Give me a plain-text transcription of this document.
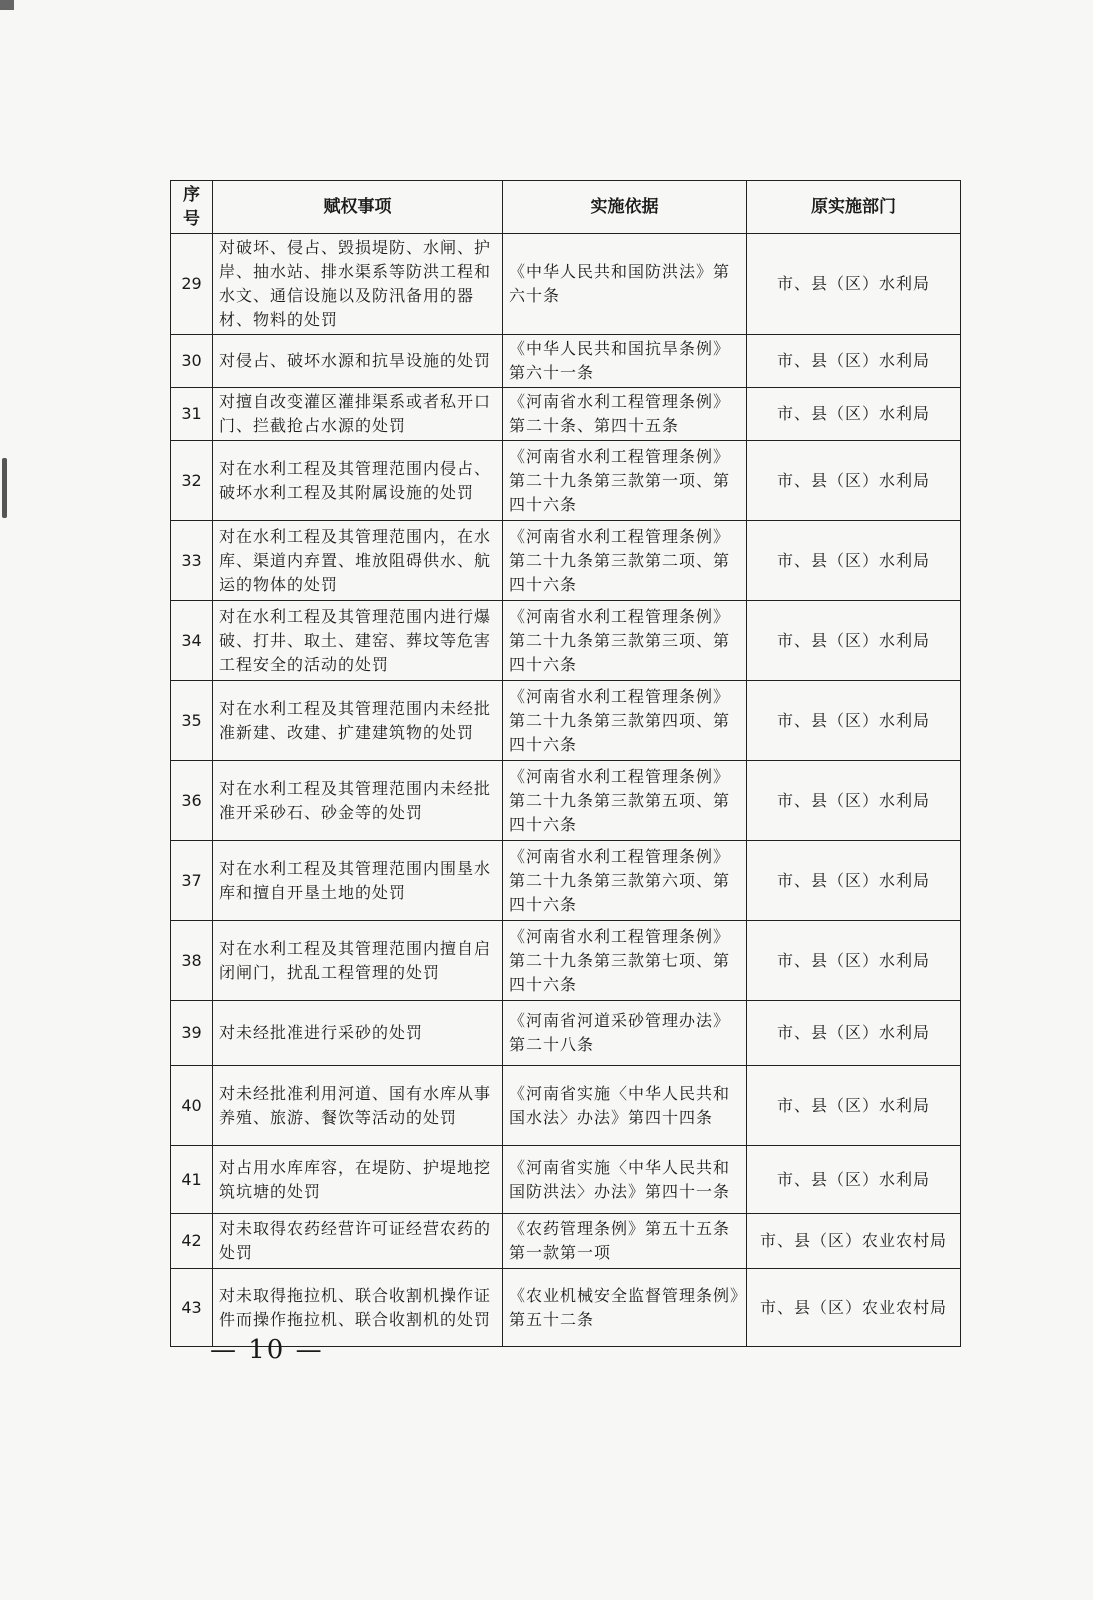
序号	赋权事项	实施依据	原实施部门
29	对破坏、侵占、毁损堤防、水闸、护岸、抽水站、排水渠系等防洪工程和水文、通信设施以及防汛备用的器材、物料的处罚	《中华人民共和国防洪法》第六十条	市、县（区）水利局
30	对侵占、破坏水源和抗旱设施的处罚	《中华人民共和国抗旱条例》第六十一条	市、县（区）水利局
31	对擅自改变灌区灌排渠系或者私开口门、拦截抢占水源的处罚	《河南省水利工程管理条例》第二十条、第四十五条	市、县（区）水利局
32	对在水利工程及其管理范围内侵占、破坏水利工程及其附属设施的处罚	《河南省水利工程管理条例》第二十九条第三款第一项、第四十六条	市、县（区）水利局
33	对在水利工程及其管理范围内，在水库、渠道内弃置、堆放阻碍供水、航运的物体的处罚	《河南省水利工程管理条例》第二十九条第三款第二项、第四十六条	市、县（区）水利局
34	对在水利工程及其管理范围内进行爆破、打井、取土、建窑、葬坟等危害工程安全的活动的处罚	《河南省水利工程管理条例》第二十九条第三款第三项、第四十六条	市、县（区）水利局
35	对在水利工程及其管理范围内未经批准新建、改建、扩建建筑物的处罚	《河南省水利工程管理条例》第二十九条第三款第四项、第四十六条	市、县（区）水利局
36	对在水利工程及其管理范围内未经批准开采砂石、砂金等的处罚	《河南省水利工程管理条例》第二十九条第三款第五项、第四十六条	市、县（区）水利局
37	对在水利工程及其管理范围内围垦水库和擅自开垦土地的处罚	《河南省水利工程管理条例》第二十九条第三款第六项、第四十六条	市、县（区）水利局
38	对在水利工程及其管理范围内擅自启闭闸门，扰乱工程管理的处罚	《河南省水利工程管理条例》第二十九条第三款第七项、第四十六条	市、县（区）水利局
39	对未经批准进行采砂的处罚	《河南省河道采砂管理办法》第二十八条	市、县（区）水利局
40	对未经批准利用河道、国有水库从事养殖、旅游、餐饮等活动的处罚	《河南省实施〈中华人民共和国水法〉办法》第四十四条	市、县（区）水利局
41	对占用水库库容，在堤防、护堤地挖筑坑塘的处罚	《河南省实施〈中华人民共和国防洪法〉办法》第四十一条	市、县（区）水利局
42	对未取得农药经营许可证经营农药的处罚	《农药管理条例》第五十五条第一款第一项	市、县（区）农业农村局
43	对未取得拖拉机、联合收割机操作证件而操作拖拉机、联合收割机的处罚	《农业机械安全监督管理条例》第五十二条	市、县（区）农业农村局
— 10 —
